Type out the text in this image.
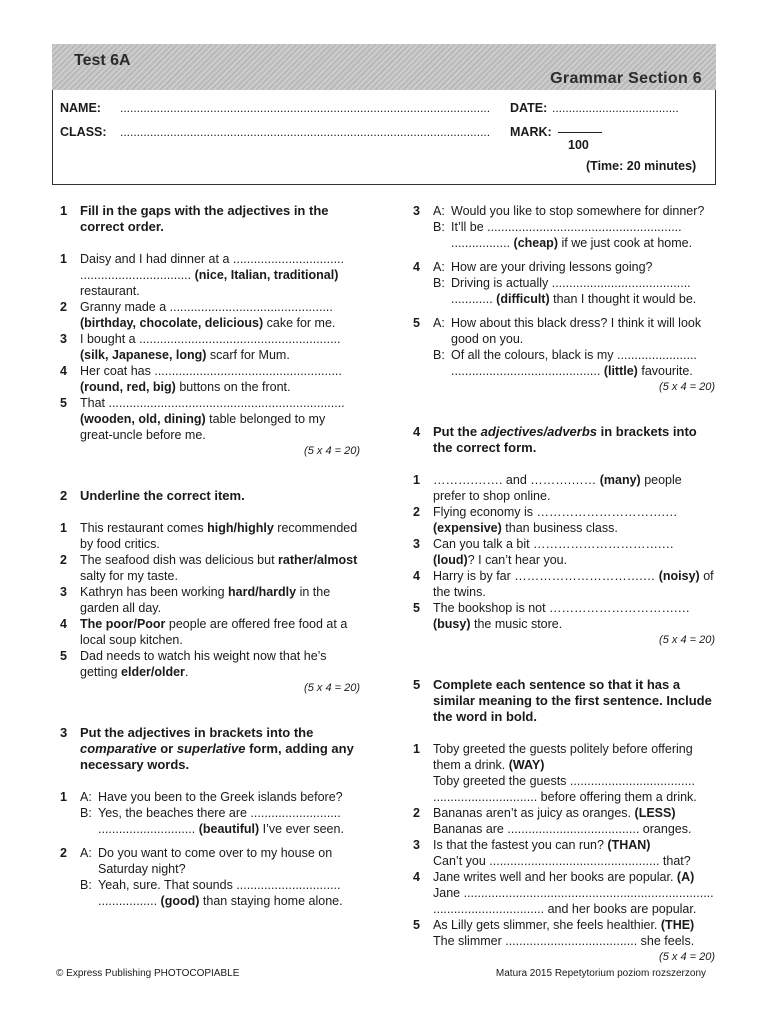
Test 6A
Grammar Section 6
NAME: ...............................................................................................................	DATE: ......................................
CLASS: ...............................................................................................................	MARK:
100
(Time: 20 minutes)
1 Fill in the gaps with the adjectives in the correct order.
1	Daisy and I had dinner at a ................................ ................................ (nice, Italian, traditional) restaurant.
2	Granny made a ............................................... (birthday, chocolate, delicious) cake for me.
3	I bought a .......................................................... (silk, Japanese, long) scarf for Mum.
4	Her coat has ...................................................... (round, red, big) buttons on the front.
5	That .................................................................... (wooden, old, dining) table belonged to my great-uncle before me.
(5 x 4 = 20)
2 Underline the correct item.
1	This restaurant comes high/highly recommended by food critics.
2	The seafood dish was delicious but rather/almost salty for my taste.
3	Kathryn has been working hard/hardly in the garden all day.
4	The poor/Poor people are offered free food at a local soup kitchen.
5	Dad needs to watch his weight now that he’s getting elder/older.
(5 x 4 = 20)
3 Put the adjectives in brackets into the comparative or superlative form, adding any necessary words.
1	A: Have you been to the Greek islands before?
B: Yes, the beaches there are .......................... ............................ (beautiful) I’ve ever seen.
2	A: Do you want to come over to my house on Saturday night?
B: Yeah, sure. That sounds .............................. ................. (good) than staying home alone.
3	A: Would you like to stop somewhere for dinner?
B: It’ll be ........................................................ ................. (cheap) if we just cook at home.
4	A: How are your driving lessons going?
B: Driving is actually ........................................ ............ (difficult) than I thought it would be.
5	A: How about this black dress? I think it will look good on you.
B: Of all the colours, black is my ....................... ........................................... (little) favourite.
(5 x 4 = 20)
4 Put the adjectives/adverbs in brackets into the correct form.
1	……….……. and ……….…… (many) people prefer to shop online.
2	Flying economy is ………………………….… (expensive) than business class.
3	Can you talk a bit ………………………….… (loud)? I can’t hear you.
4	Harry is by far ………………………….… (noisy) of the twins.
5	The bookshop is not ………………………….… (busy) the music store.
(5 x 4 = 20)
5 Complete each sentence so that it has a similar meaning to the first sentence. Include the word in bold.
1	Toby greeted the guests politely before offering them a drink. (WAY)
Toby greeted the guests .................................... .............................. before offering them a drink.
2	Bananas aren’t as juicy as oranges. (LESS)
Bananas are ...................................... oranges.
3	Is that the fastest you can run? (THAN)
Can’t you ................................................. that?
4	Jane writes well and her books are popular. (A)
Jane ........................................................................ ................................ and her books are popular.
5	As Lilly gets slimmer, she feels healthier. (THE)
The slimmer ...................................... she feels.
(5 x 4 = 20)
© Express Publishing PHOTOCOPIABLE	Matura 2015 Repetytorium poziom rozszerzony
